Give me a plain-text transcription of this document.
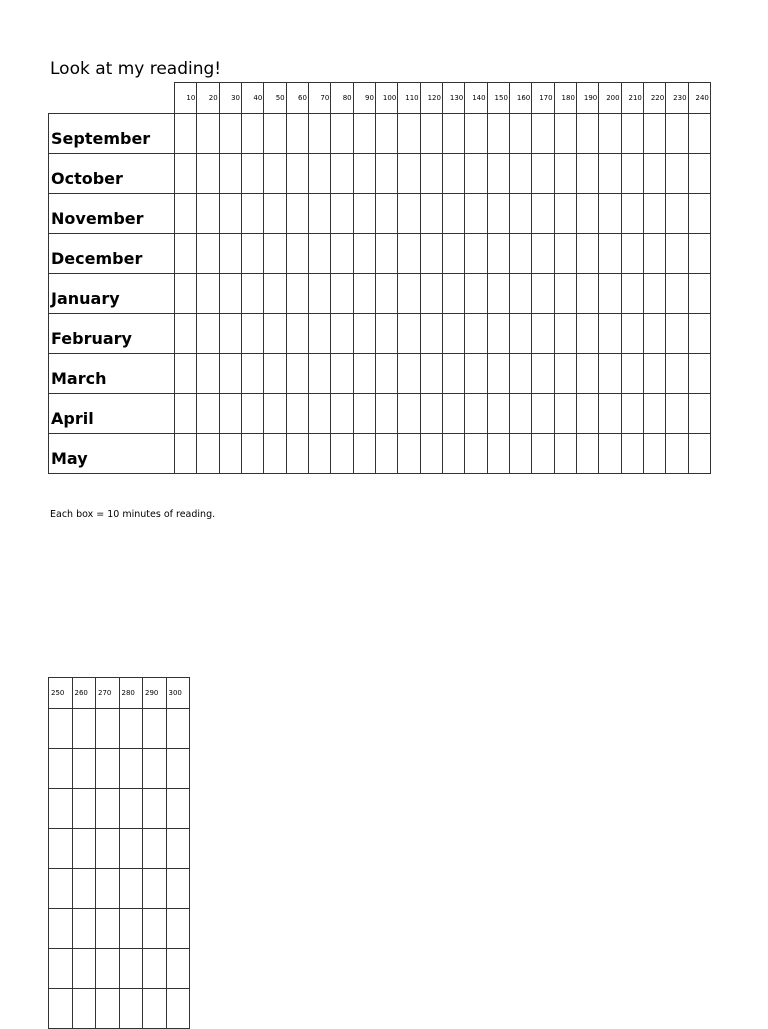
Look at my reading!
	10	20	30	40	50	60	70	80	90	100	110	120	130	140	150	160	170	180	190	200	210	220	230	240
September																								
October																								
November																								
December																								
January																								
February																								
March																								
April																								
May																								
Each box = 10 minutes of reading.
250	260	270	280	290	300
